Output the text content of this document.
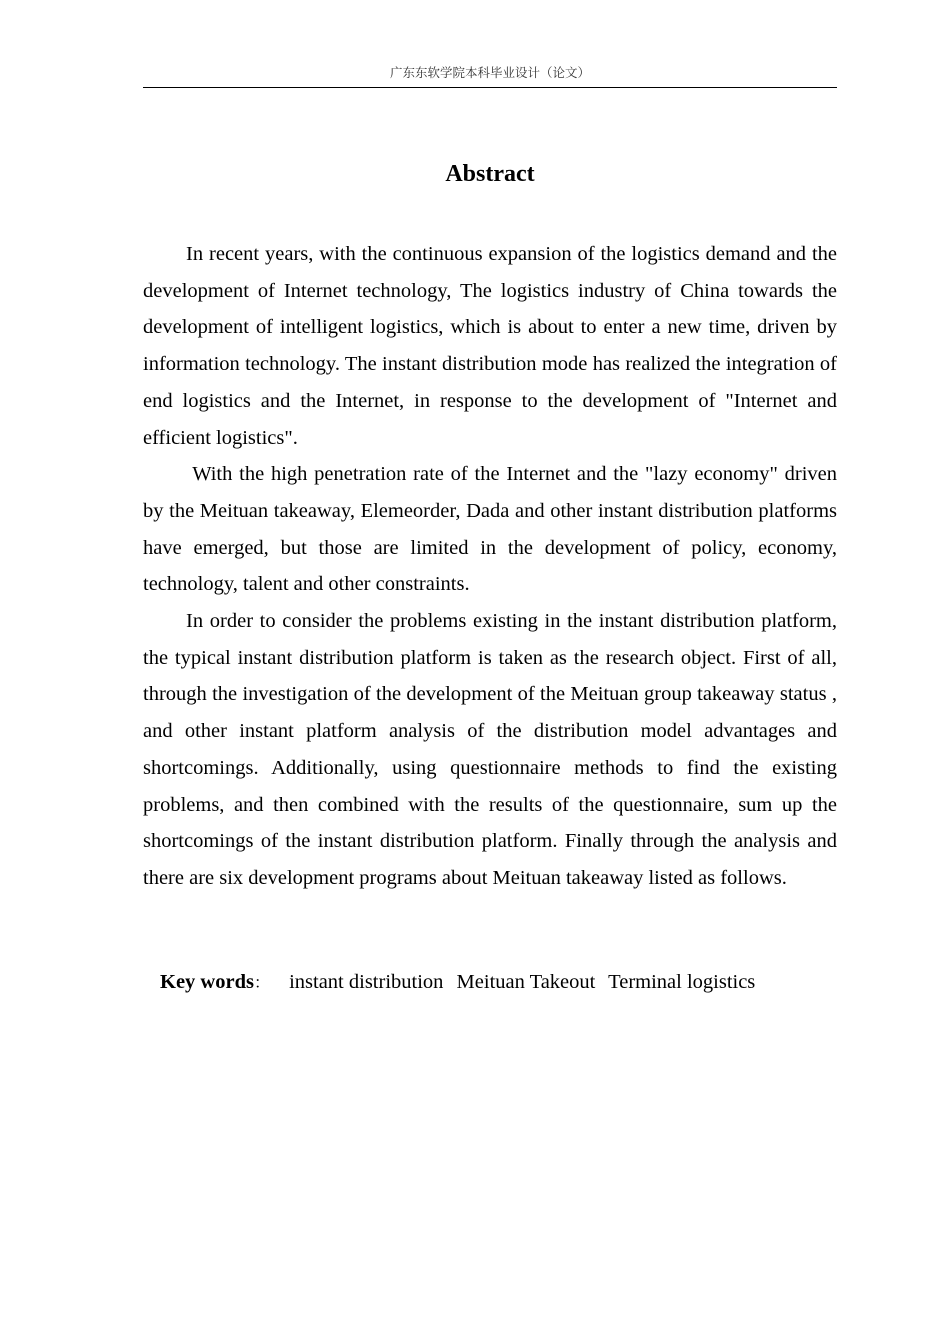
广东东软学院本科毕业设计（论文）
Abstract

In recent years, with the continuous expansion of the logistics demand and the development of Internet technology, The logistics industry of China towards the development of intelligent logistics, which is about to enter a new time, driven by information technology. The instant distribution mode has realized the integration of end logistics and the Internet, in response to the development of "Internet and efficient logistics".

With the high penetration rate of the Internet and the "lazy economy" driven by the Meituan takeaway, Elemeorder, Dada and other instant distribution platforms have emerged, but those are limited in the development of policy, economy, technology, talent and other constraints.

In order to consider the problems existing in the instant distribution platform, the typical instant distribution platform is taken as the research object. First of all, through the investigation of the development of the Meituan group takeaway status , and other instant platform analysis of the distribution model advantages and shortcomings. Additionally, using questionnaire methods to find the existing problems, and then combined with the results of the questionnaire, sum up the shortcomings of the instant distribution platform. Finally through the analysis and there are six development programs about Meituan takeaway listed as follows.

Key words： instant distribution Meituan Takeout Terminal logistics
